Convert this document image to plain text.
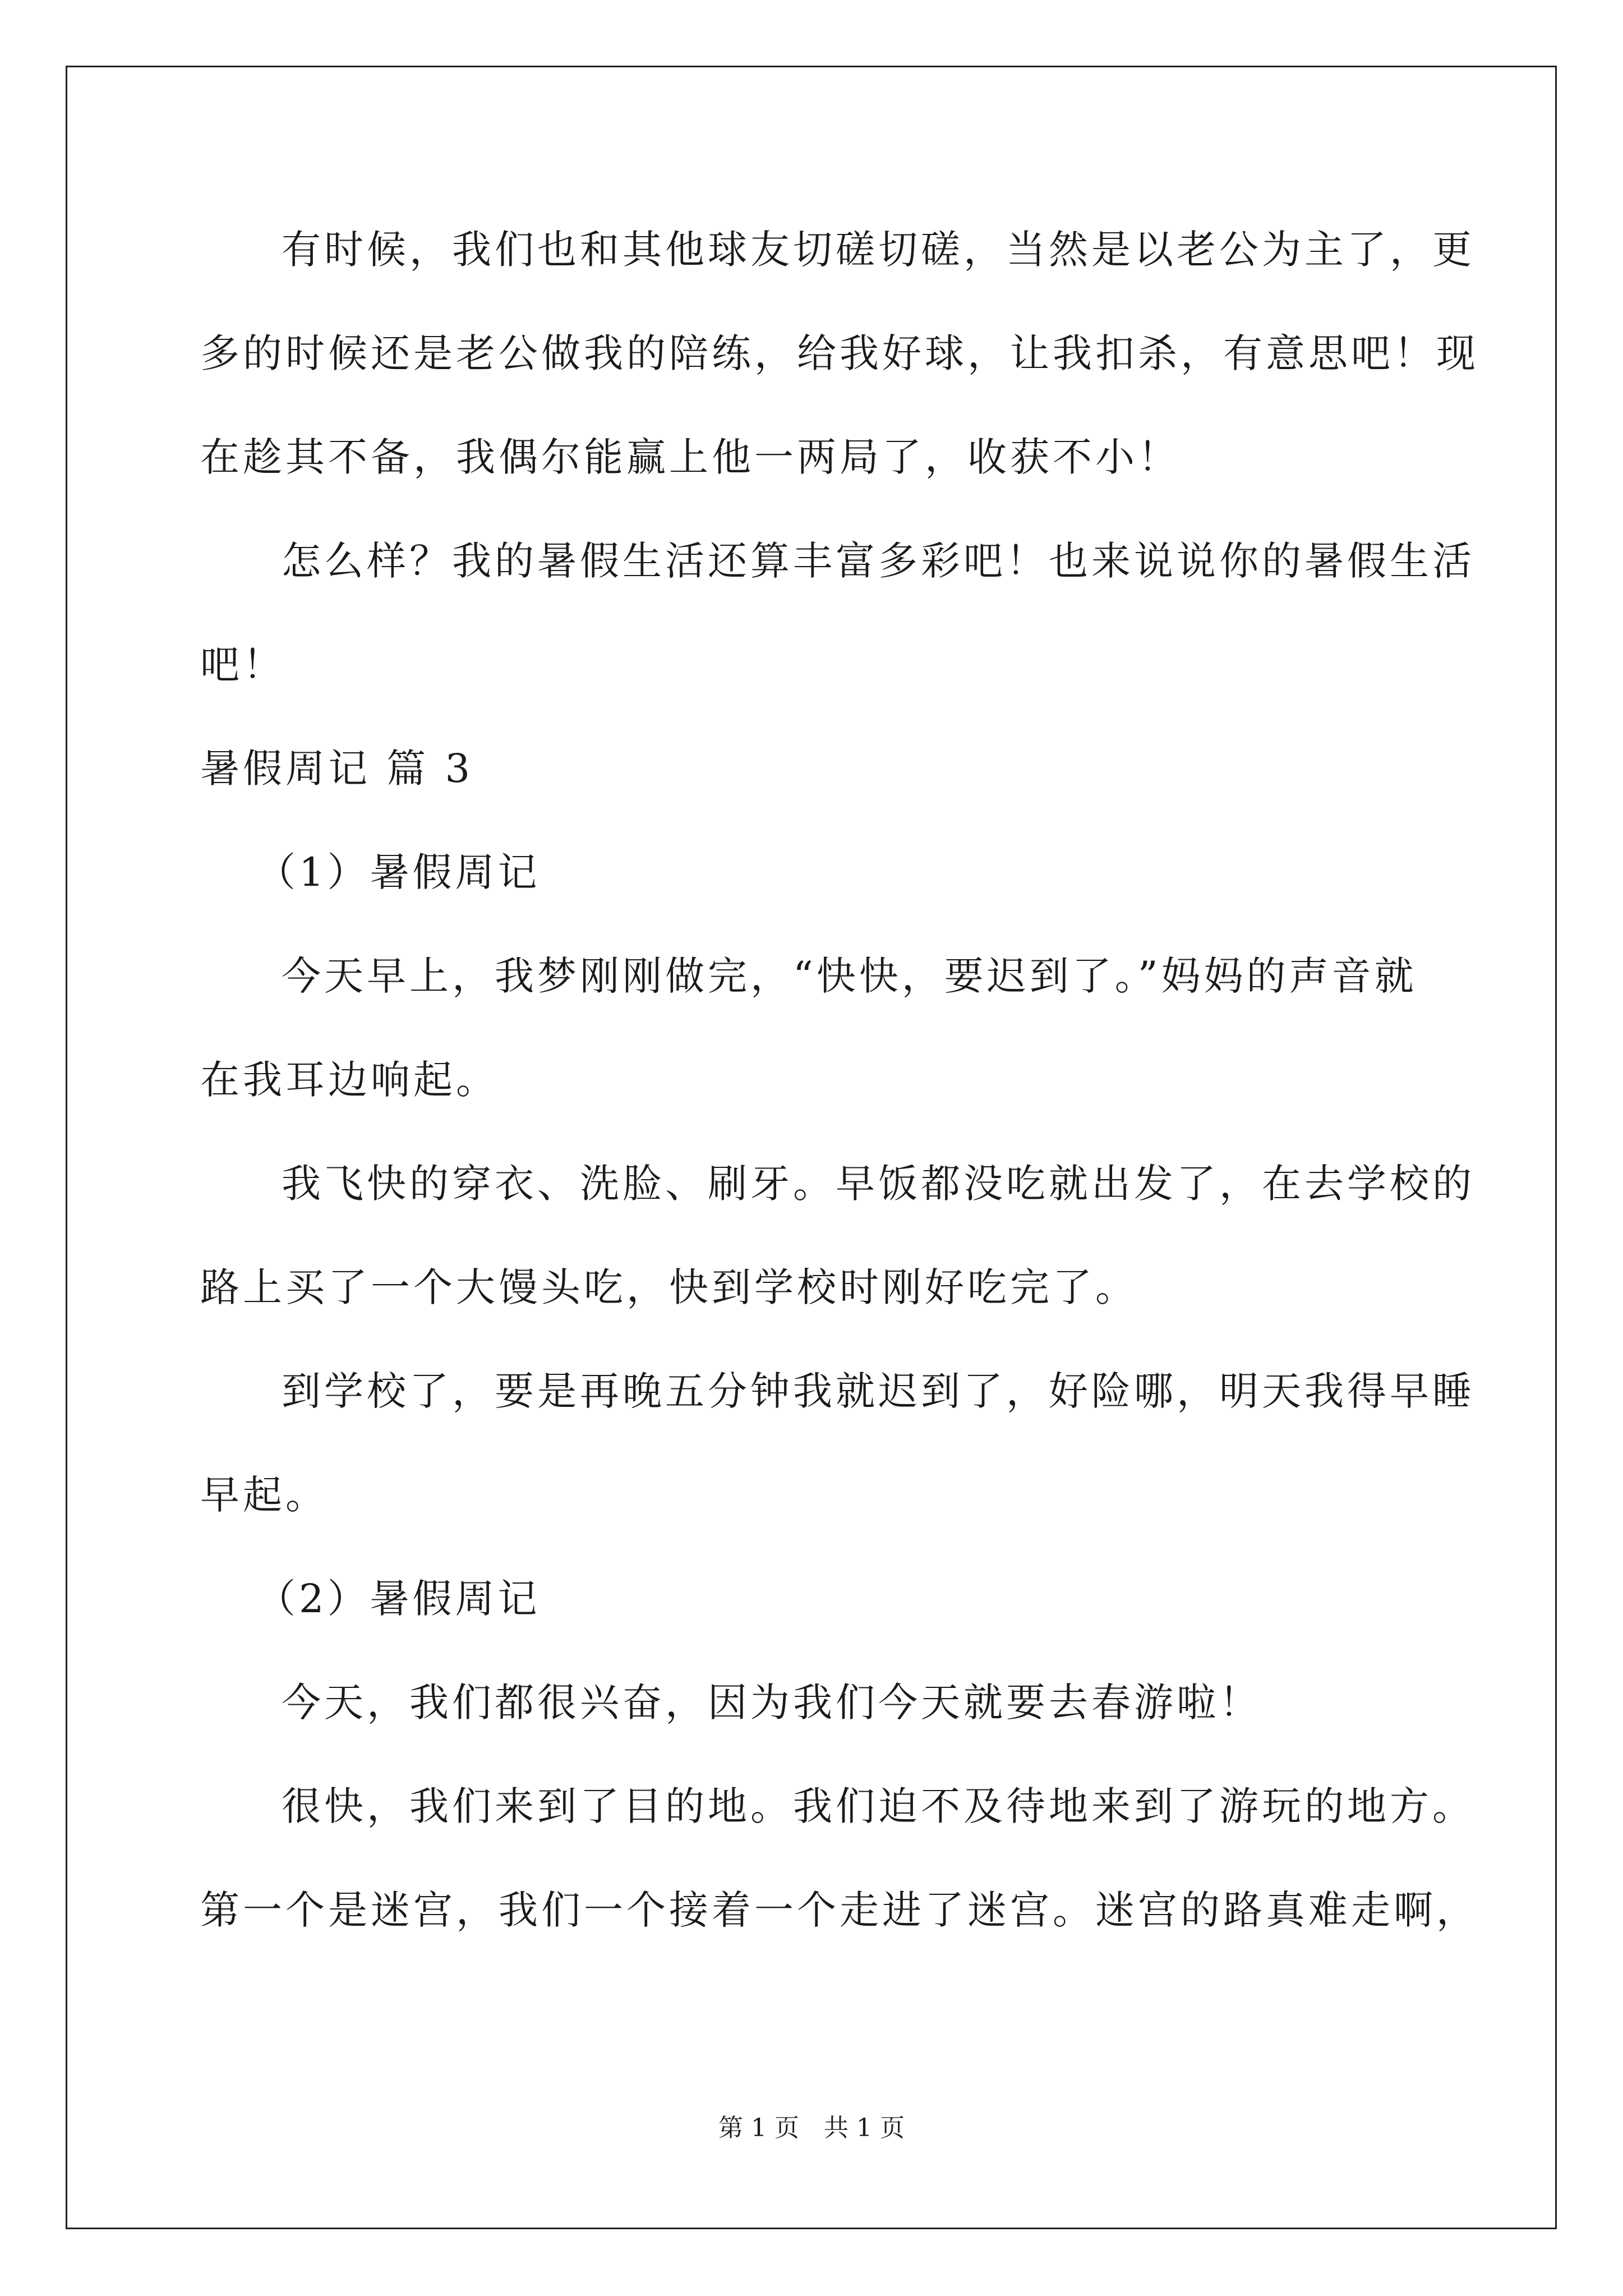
有时候，我们也和其他球友切磋切磋，当然是以老公为主了，更
多的时候还是老公做我的陪练，给我好球，让我扣杀，有意思吧！现
在趁其不备，我偶尔能赢上他一两局了，收获不小！
怎么样？我的暑假生活还算丰富多彩吧！也来说说你的暑假生活
吧！
暑假周记 篇 3
（1）暑假周记
今天早上，我梦刚刚做完，“快快，要迟到了。”妈妈的声音就
在我耳边响起。
我飞快的穿衣、洗脸、刷牙。早饭都没吃就出发了，在去学校的
路上买了一个大馒头吃，快到学校时刚好吃完了。
到学校了，要是再晚五分钟我就迟到了，好险哪，明天我得早睡
早起。
（2）暑假周记
今天，我们都很兴奋，因为我们今天就要去春游啦！
很快，我们来到了目的地。我们迫不及待地来到了游玩的地方。
第一个是迷宫，我们一个接着一个走进了迷宫。迷宫的路真难走啊，
第 1 页　共 1 页
